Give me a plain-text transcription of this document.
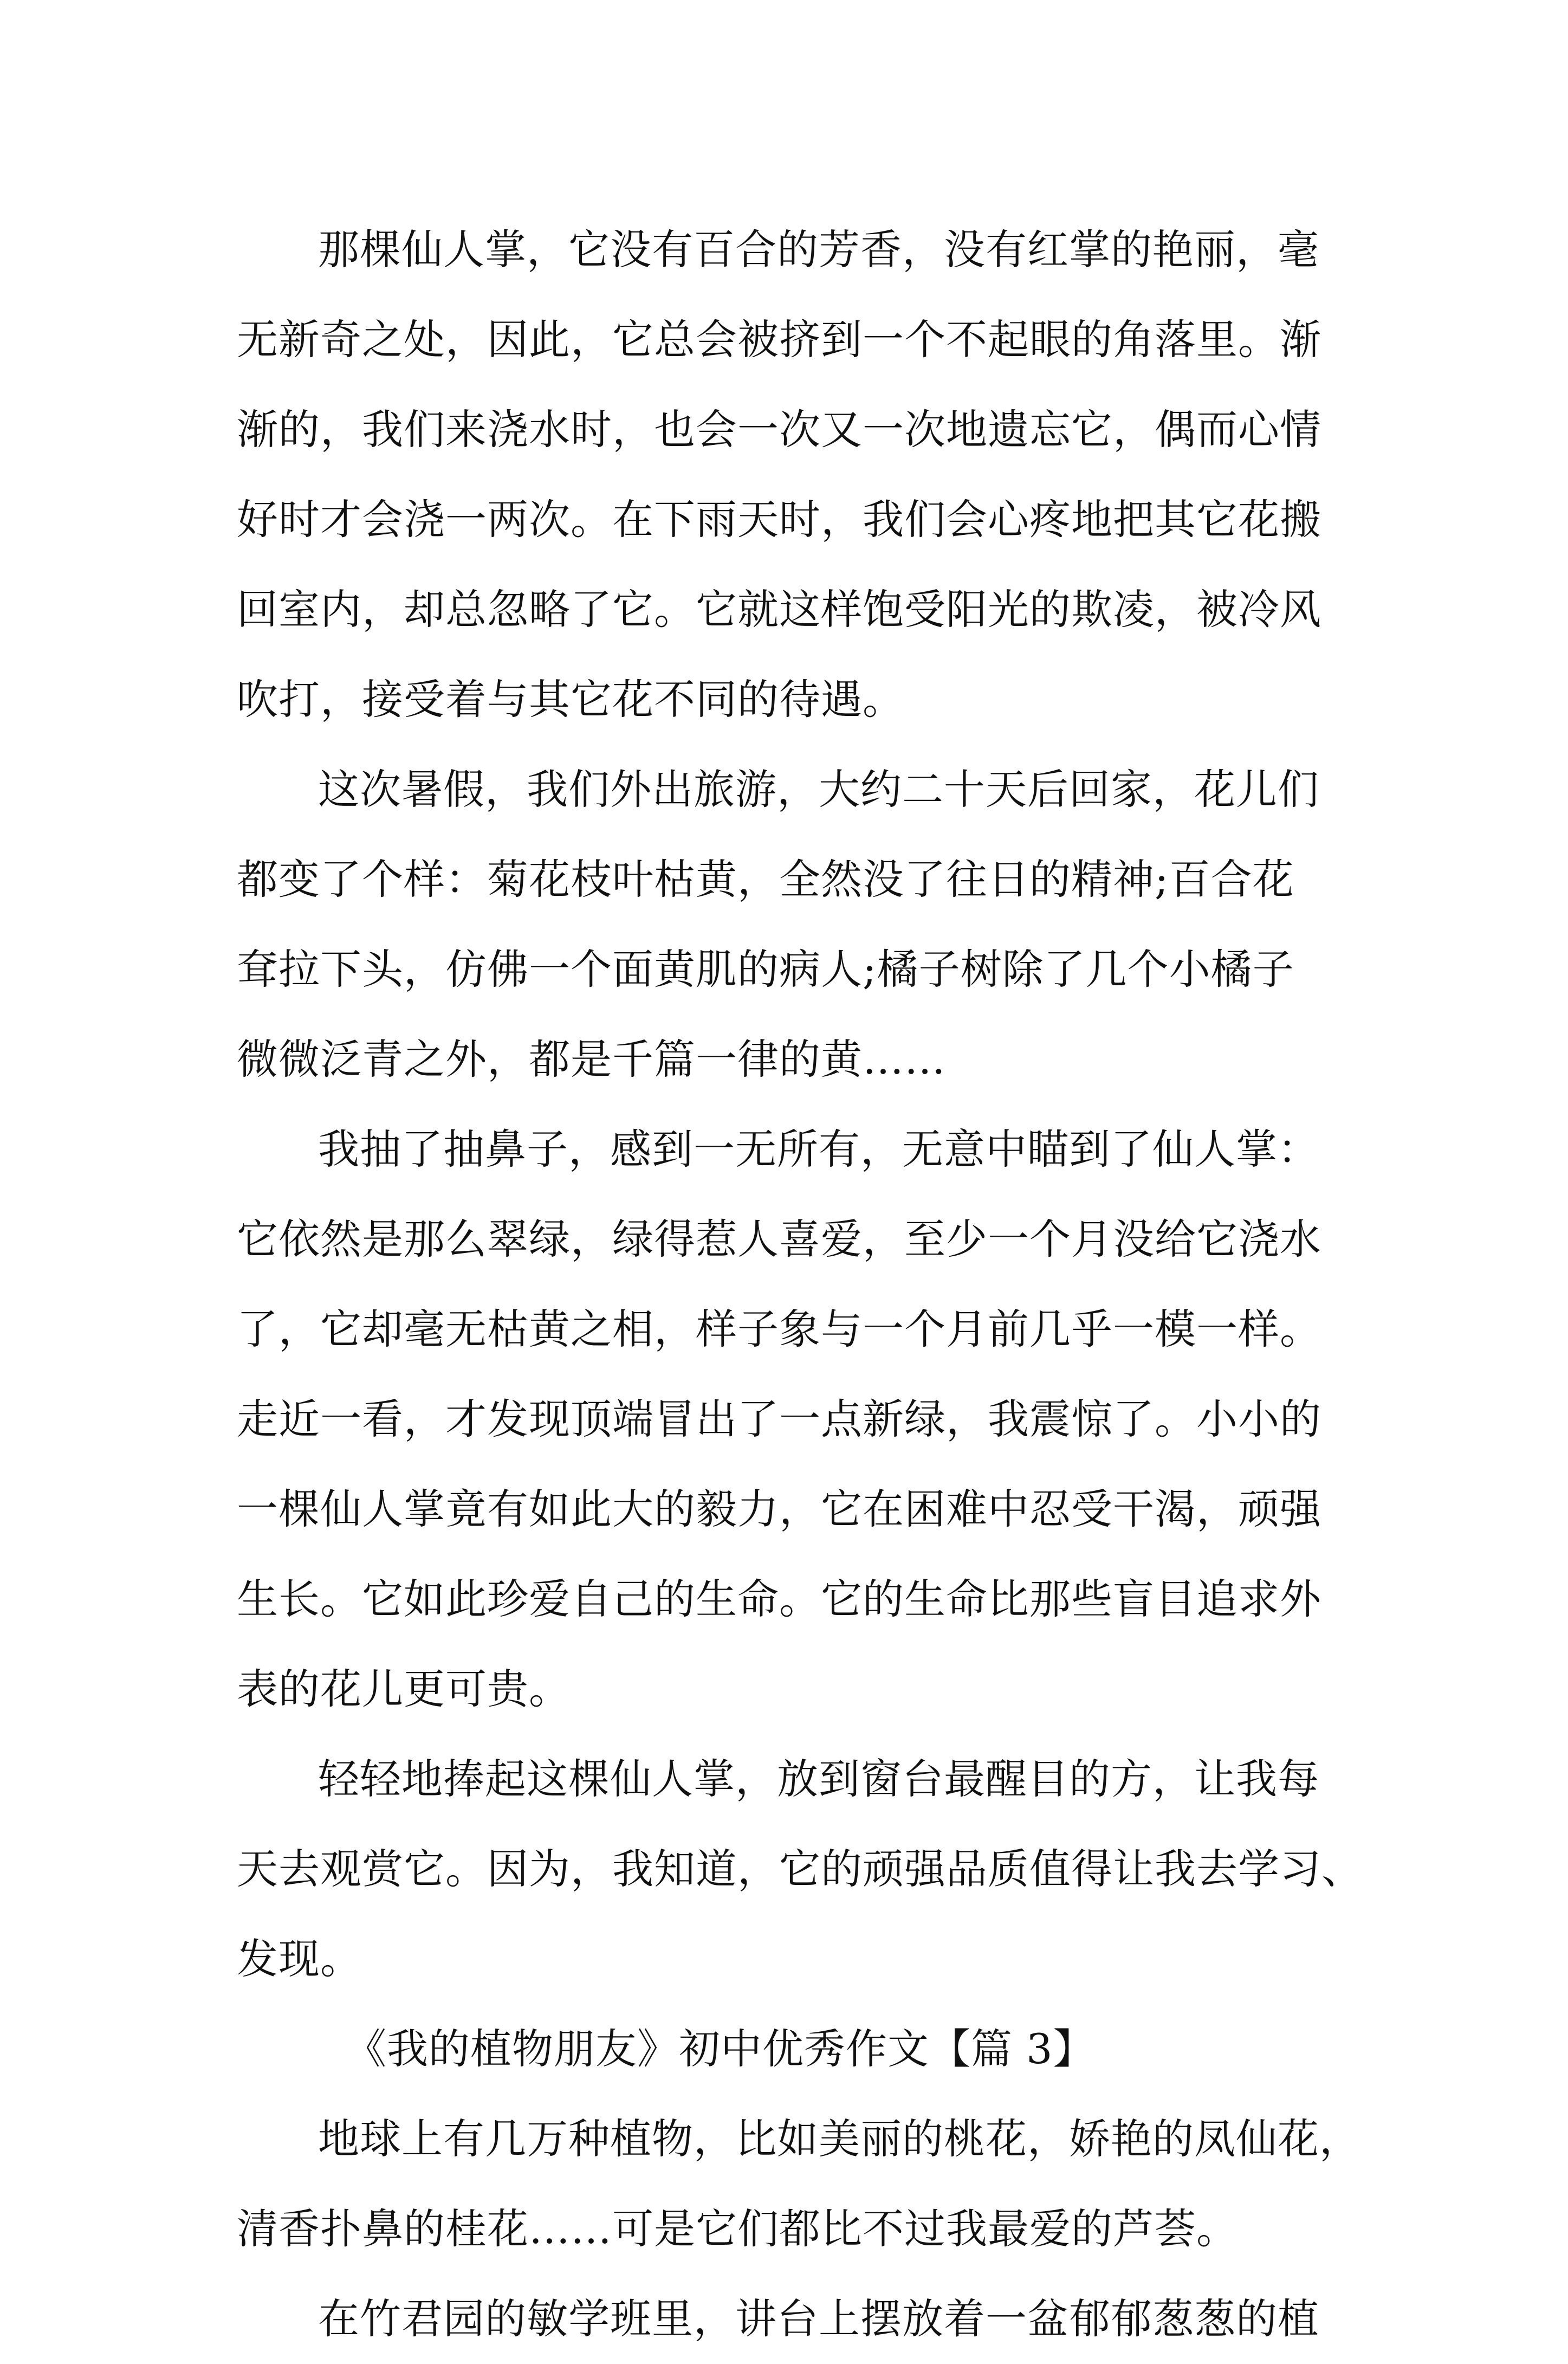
那棵仙人掌，它没有百合的芳香，没有红掌的艳丽，毫
无新奇之处，因此，它总会被挤到一个不起眼的角落里。渐
渐的，我们来浇水时，也会一次又一次地遗忘它，偶而心情
好时才会浇一两次。在下雨天时，我们会心疼地把其它花搬
回室内，却总忽略了它。它就这样饱受阳光的欺凌，被冷风
吹打，接受着与其它花不同的待遇。

这次暑假，我们外出旅游，大约二十天后回家，花儿们
都变了个样：菊花枝叶枯黄，全然没了往日的精神;百合花
耷拉下头，仿佛一个面黄肌的病人;橘子树除了几个小橘子
微微泛青之外，都是千篇一律的黄……

我抽了抽鼻子，感到一无所有，无意中瞄到了仙人掌：
它依然是那么翠绿，绿得惹人喜爱，至少一个月没给它浇水
了，它却毫无枯黄之相，样子象与一个月前几乎一模一样。
走近一看，才发现顶端冒出了一点新绿，我震惊了。小小的
一棵仙人掌竟有如此大的毅力，它在困难中忍受干渴，顽强
生长。它如此珍爱自己的生命。它的生命比那些盲目追求外
表的花儿更可贵。

轻轻地捧起这棵仙人掌，放到窗台最醒目的方，让我每
天去观赏它。因为，我知道，它的顽强品质值得让我去学习、
发现。

《我的植物朋友》初中优秀作文【篇 3】

地球上有几万种植物，比如美丽的桃花，娇艳的凤仙花，
清香扑鼻的桂花……可是它们都比不过我最爱的芦荟。

在竹君园的敏学班里，讲台上摆放着一盆郁郁葱葱的植
